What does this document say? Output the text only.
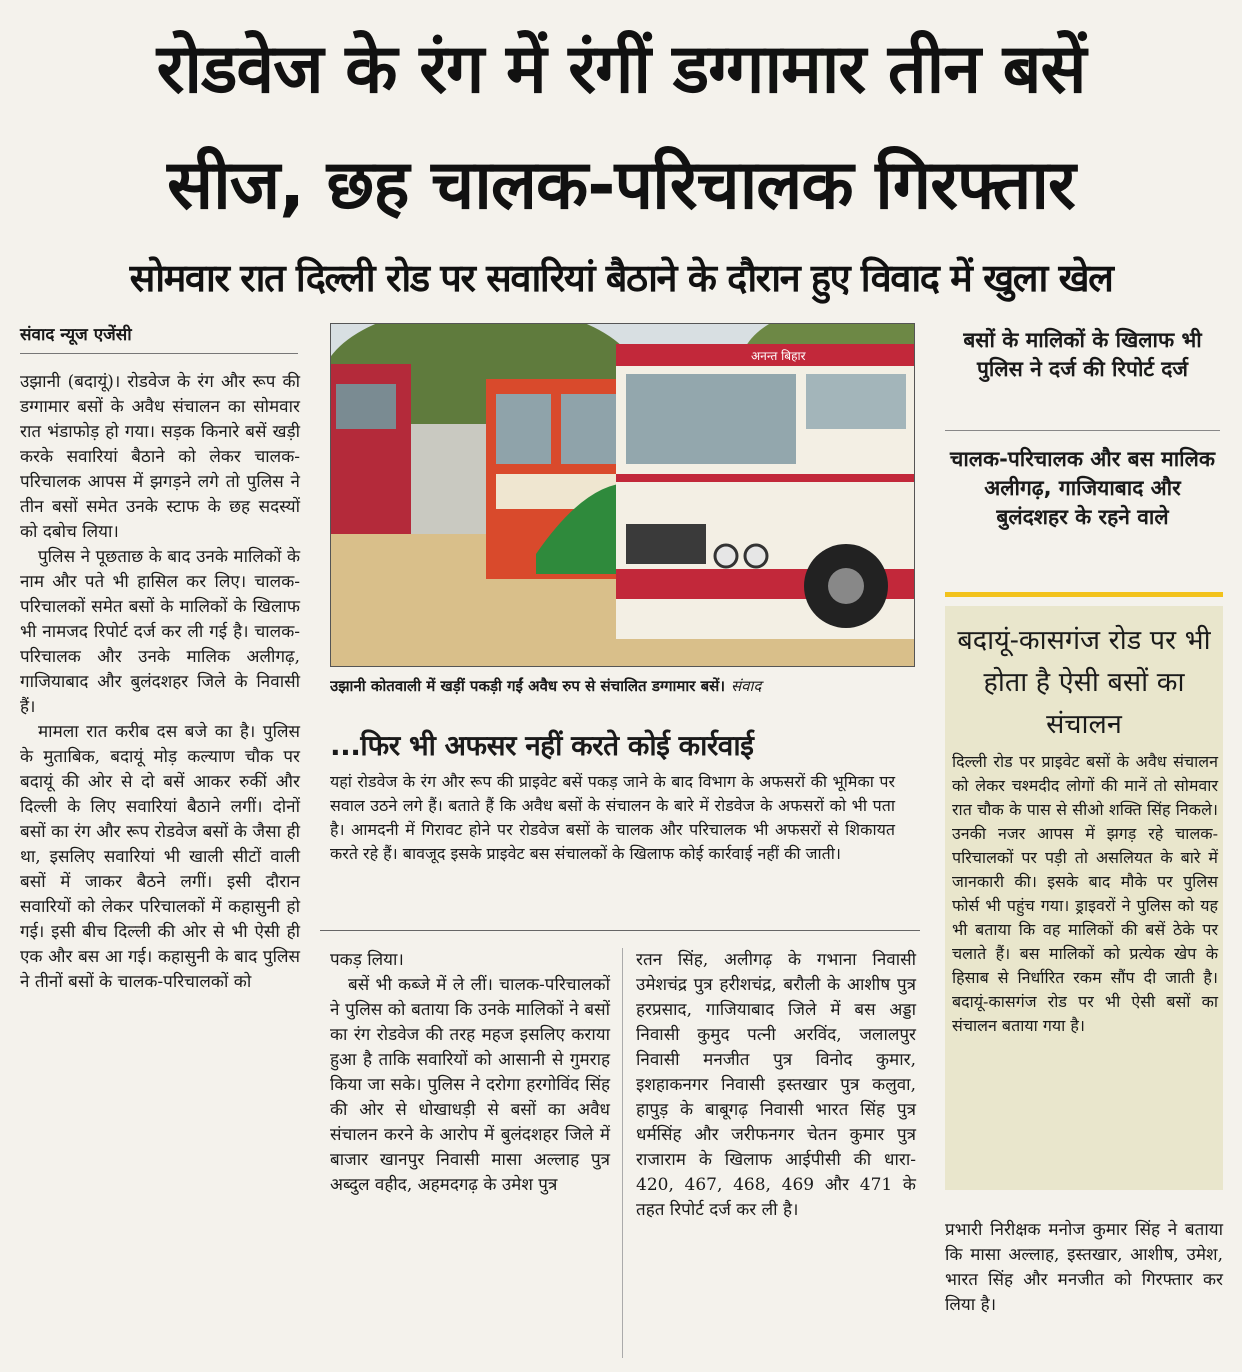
रोडवेज के रंग में रंगीं डग्गामार तीन बसें
सीज, छह चालक-परिचालक गिरफ्तार
सोमवार रात दिल्ली रोड पर सवारियां बैठाने के दौरान हुए विवाद में खुला खेल
संवाद न्यूज एजेंसी

उझानी (बदायूं)। रोडवेज के रंग और रूप की डग्गामार बसों के अवैध संचालन का सोमवार रात भंडाफोड़ हो गया। सड़क किनारे बसें खड़ी करके सवारियां बैठाने को लेकर चालक-परिचालक आपस में झगड़ने लगे तो पुलिस ने तीन बसों समेत उनके स्टाफ के छह सदस्यों को दबोच लिया।

पुलिस ने पूछताछ के बाद उनके मालिकों के नाम और पते भी हासिल कर लिए। चालक-परिचालकों समेत बसों के मालिकों के खिलाफ भी नामजद रिपोर्ट दर्ज कर ली गई है। चालक-परिचालक और उनके मालिक अलीगढ़, गाजियाबाद और बुलंदशहर जिले के निवासी हैं।

मामला रात करीब दस बजे का है। पुलिस के मुताबिक, बदायूं मोड़ कल्याण चौक पर बदायूं की ओर से दो बसें आकर रुकीं और दिल्ली के लिए सवारियां बैठाने लगीं। दोनों बसों का रंग और रूप रोडवेज बसों के जैसा ही था, इसलिए सवारियां भी खाली सीटों वाली बसों में जाकर बैठने लगीं। इसी दौरान सवारियों को लेकर परिचालकों में कहासुनी हो गई। इसी बीच दिल्ली की ओर से भी ऐसी ही एक और बस आ गई। कहासुनी के बाद पुलिस ने तीनों बसों के चालक-परिचालकों को

अनन्त बिहार
उझानी कोतवाली में खड़ीं पकड़ी गईं अवैध रुप से संचालित डग्गामार बसें। संवाद
...फिर भी अफसर नहीं करते कोई कार्रवाई

यहां रोडवेज के रंग और रूप की प्राइवेट बसें पकड़ जाने के बाद विभाग के अफसरों की भूमिका पर सवाल उठने लगे हैं। बताते हैं कि अवैध बसों के संचालन के बारे में रोडवेज के अफसरों को भी पता है। आमदनी में गिरावट होने पर रोडवेज बसों के चालक और परिचालक भी अफसरों से शिकायत करते रहे हैं। बावजूद इसके प्राइवेट बस संचालकों के खिलाफ कोई कार्रवाई नहीं की जाती।

पकड़ लिया।

बसें भी कब्जे में ले लीं। चालक-परिचालकों ने पुलिस को बताया कि उनके मालिकों ने बसों का रंग रोडवेज की तरह महज इसलिए कराया हुआ है ताकि सवारियों को आसानी से गुमराह किया जा सके। पुलिस ने दरोगा हरगोविंद सिंह की ओर से धोखाधड़ी से बसों का अवैध संचालन करने के आरोप में बुलंदशहर जिले में बाजार खानपुर निवासी मासा अल्लाह पुत्र अब्दुल वहीद, अहमदगढ़ के उमेश पुत्र

रतन सिंह, अलीगढ़ के गभाना निवासी उमेशचंद्र पुत्र हरीशचंद्र, बरौली के आशीष पुत्र हरप्रसाद, गाजियाबाद जिले में बस अड्डा निवासी कुमुद पत्नी अरविंद, जलालपुर निवासी मनजीत पुत्र विनोद कुमार, इशहाकनगर निवासी इस्तखार पुत्र कलुवा, हापुड़ के बाबूगढ़ निवासी भारत सिंह पुत्र धर्मसिंह और जरीफनगर चेतन कुमार पुत्र राजाराम के खिलाफ आईपीसी की धारा- 420, 467, 468, 469 और 471 के तहत रिपोर्ट दर्ज कर ली है।

बसों के मालिकों के खिलाफ भी पुलिस ने दर्ज की रिपोर्ट दर्ज
चालक-परिचालक और बस मालिक अलीगढ़, गाजियाबाद और बुलंदशहर के रहने वाले
बदायूं-कासगंज रोड पर भी होता है ऐसी बसों का संचालन

दिल्ली रोड पर प्राइवेट बसों के अवैध संचालन को लेकर चश्मदीद लोगों की मानें तो सोमवार रात चौक के पास से सीओ शक्ति सिंह निकले। उनकी नजर आपस में झगड़ रहे चालक-परिचालकों पर पड़ी तो असलियत के बारे में जानकारी की। इसके बाद मौके पर पुलिस फोर्स भी पहुंच गया। ड्राइवरों ने पुलिस को यह भी बताया कि वह मालिकों की बसें ठेके पर चलाते हैं। बस मालिकों को प्रत्येक खेप के हिसाब से निर्धारित रकम सौंप दी जाती है। बदायूं-कासगंज रोड पर भी ऐसी बसों का संचालन बताया गया है।

प्रभारी निरीक्षक मनोज कुमार सिंह ने बताया कि मासा अल्लाह, इस्तखार, आशीष, उमेश, भारत सिंह और मनजीत को गिरफ्तार कर लिया है।
